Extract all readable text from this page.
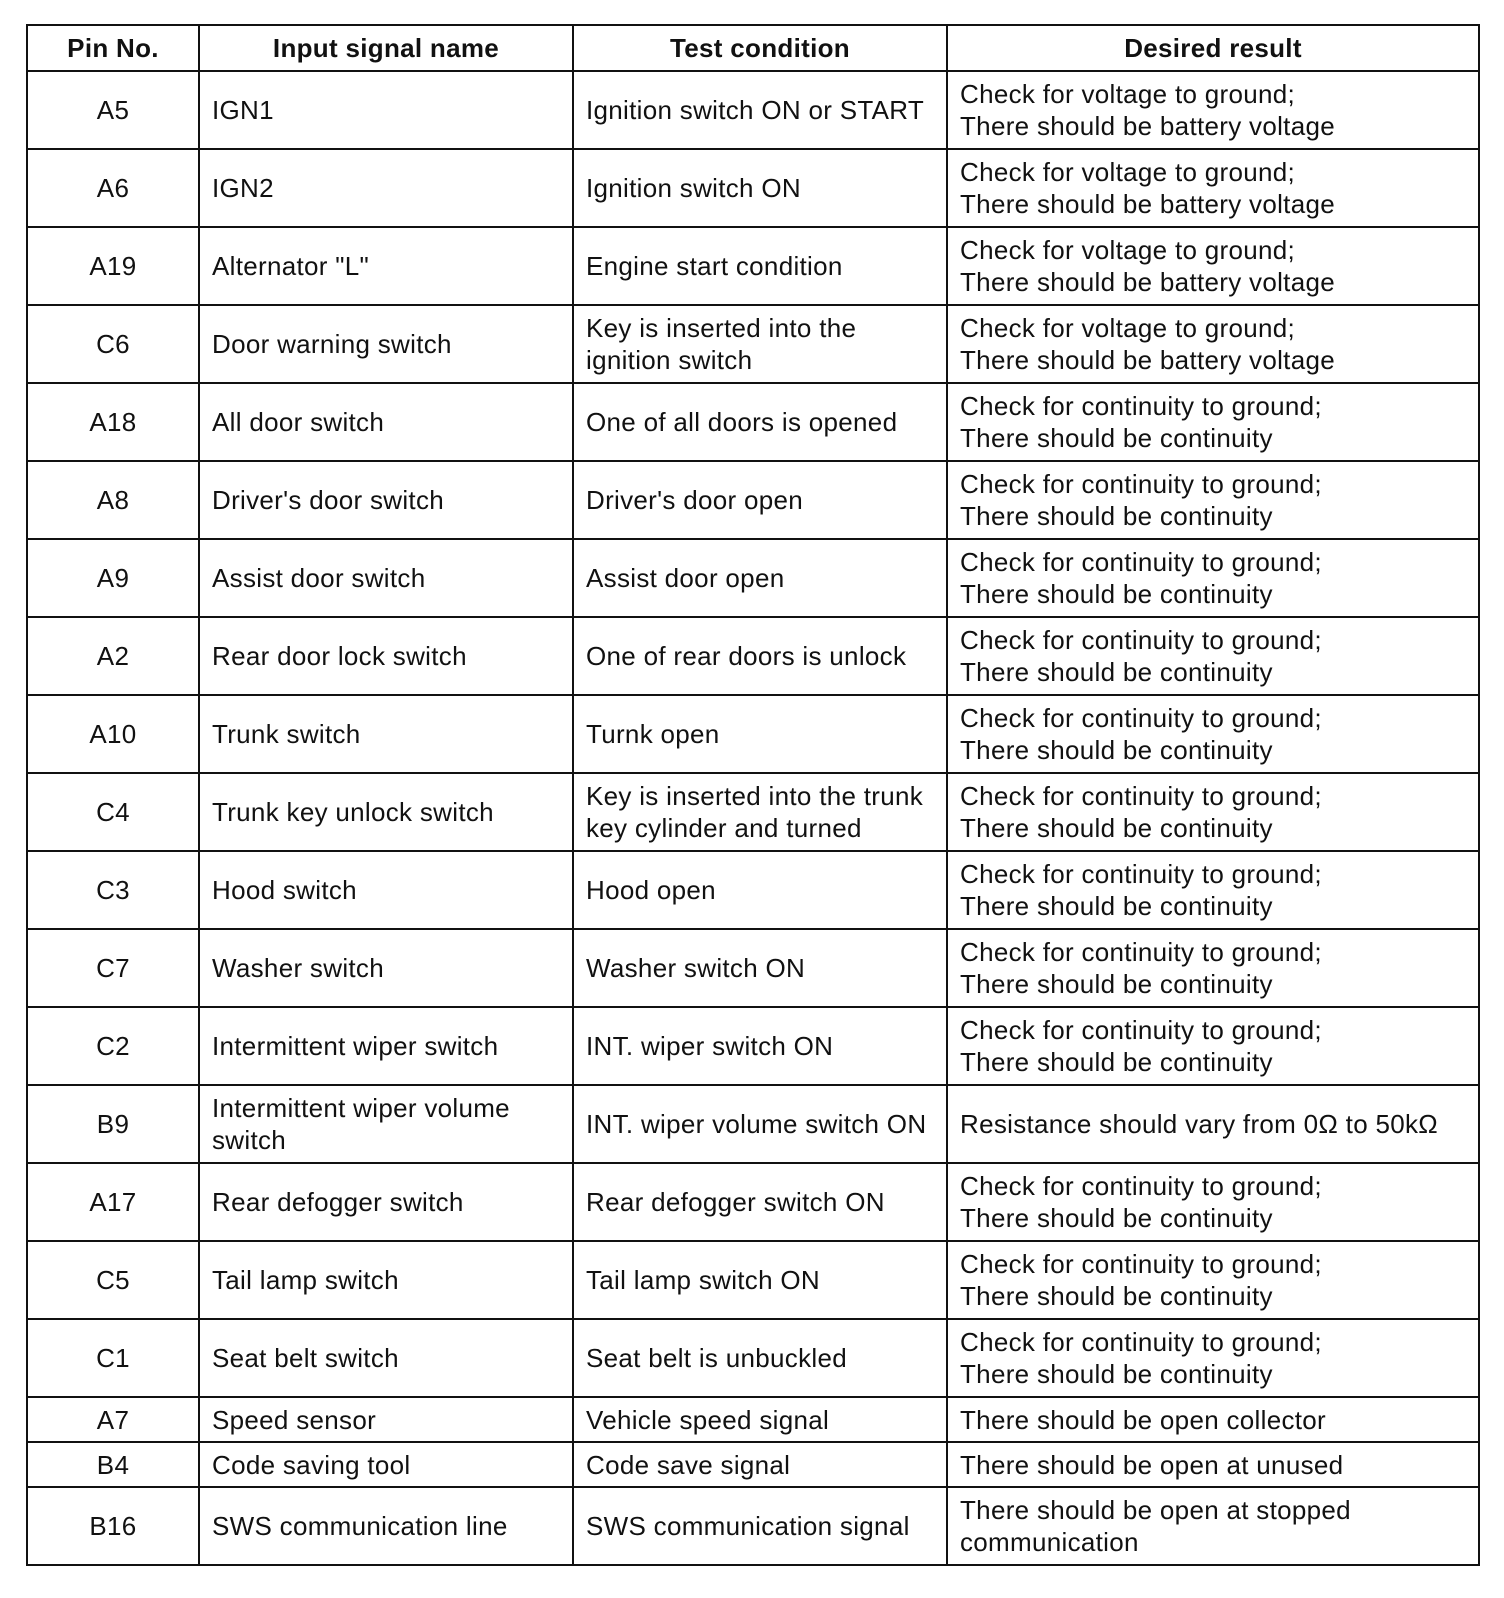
Pin No.	Input signal name	Test condition	Desired result
A5	IGN1	Ignition switch ON or START	Check for voltage to ground;
There should be battery voltage
A6	IGN2	Ignition switch ON	Check for voltage to ground;
There should be battery voltage
A19	Alternator "L"	Engine start condition	Check for voltage to ground;
There should be battery voltage
C6	Door warning switch	Key is inserted into the
ignition switch	Check for voltage to ground;
There should be battery voltage
A18	All door switch	One of all doors is opened	Check for continuity to ground;
There should be continuity
A8	Driver's door switch	Driver's door open	Check for continuity to ground;
There should be continuity
A9	Assist door switch	Assist door open	Check for continuity to ground;
There should be continuity
A2	Rear door lock switch	One of rear doors is unlock	Check for continuity to ground;
There should be continuity
A10	Trunk switch	Turnk open	Check for continuity to ground;
There should be continuity
C4	Trunk key unlock switch	Key is inserted into the trunk
key cylinder and turned	Check for continuity to ground;
There should be continuity
C3	Hood switch	Hood open	Check for continuity to ground;
There should be continuity
C7	Washer switch	Washer switch ON	Check for continuity to ground;
There should be continuity
C2	Intermittent wiper switch	INT. wiper switch ON	Check for continuity to ground;
There should be continuity
B9	Intermittent wiper volume
switch	INT. wiper volume switch ON	Resistance should vary from 0Ω to 50kΩ
A17	Rear defogger switch	Rear defogger switch ON	Check for continuity to ground;
There should be continuity
C5	Tail lamp switch	Tail lamp switch ON	Check for continuity to ground;
There should be continuity
C1	Seat belt switch	Seat belt is unbuckled	Check for continuity to ground;
There should be continuity
A7	Speed sensor	Vehicle speed signal	There should be open collector
B4	Code saving tool	Code save signal	There should be open at unused
B16	SWS communication line	SWS communication signal	There should be open at stopped
communication
